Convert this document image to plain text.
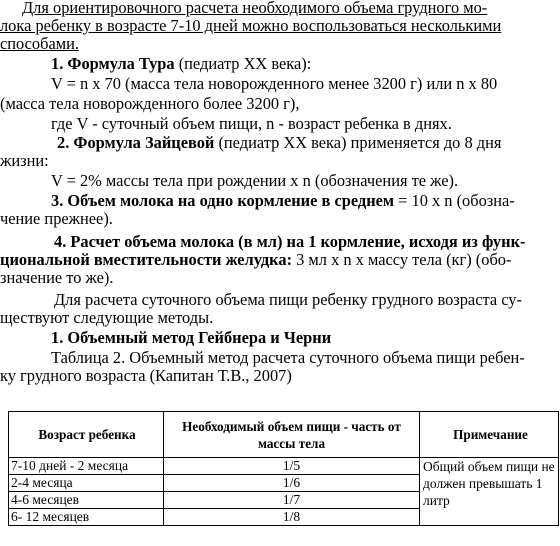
Для ориентировочного расчета необходимого объема грудного мо-

лока ребенку в возрасте 7-10 дней можно воспользоваться несколькими

способами.

1. Формула Тура (педиатр XX века):

V = n x 70 (масса тела новорожденного менее 3200 г) или n x 80

(масса тела новорожденного более 3200 г),

где V - суточный объем пищи, n - возраст ребенка в днях.

2. Формула Зайцевой (педиатр XX века) применяется до 8 дня

жизни:

V = 2% массы тела при рождении x n (обозначения те же).

3. Объем молока на одно кормление в среднем = 10 x n (обозна-

чение прежнее).

4. Расчет объема молока (в мл) на 1 кормление, исходя из функ-

циональной вместительности желудка: 3 мл x n x массу тела (кг) (обо-

значение то же).

Для расчета суточного объема пищи ребенку грудного возраста су-

ществуют следующие методы.

1. Объемный метод Гейбнера и Черни

Таблица 2. Объемный метод расчета суточного объема пищи ребен-

ку грудного возраста (Капитан Т.В., 2007)

Возраст ребенка	Необходимый объем пищи - часть от массы тела	Примечание
7-10 дней - 2 месяца	1/5	Общий объем пищи не должен превышать 1 литр
2-4 месяца	1/6	
4-6 месяцев	1/7	
6- 12 месяцев	1/8	
